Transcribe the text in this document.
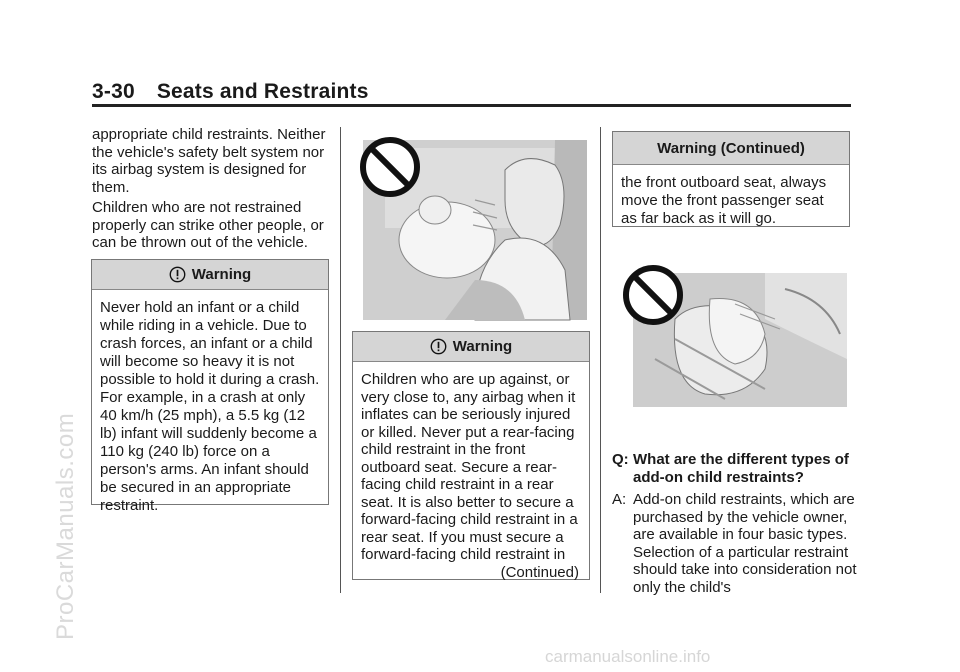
3-30 Seats and Restraints
ProCarManuals.com
carmanualsonline.info
appropriate child restraints. Neither the vehicle's safety belt system nor its airbag system is designed for them.
Children who are not restrained properly can strike other people, or can be thrown out of the vehicle.
Warning
Never hold an infant or a child while riding in a vehicle. Due to crash forces, an infant or a child will become so heavy it is not possible to hold it during a crash. For example, in a crash at only 40 km/h (25 mph), a 5.5 kg (12 lb) infant will suddenly become a 110 kg (240 lb) force on a person's arms. An infant should be secured in an appropriate restraint.
Warning
Children who are up against, or very close to, any airbag when it inflates can be seriously injured or killed. Never put a rear-facing child restraint in the front outboard seat. Secure a rear-facing child restraint in a rear seat. It is also better to secure a forward-facing child restraint in a rear seat. If you must secure a forward-facing child restraint in
(Continued)
Warning (Continued)
the front outboard seat, always move the front passenger seat as far back as it will go.
Q: What are the different types of add-on child restraints?
A: Add-on child restraints, which are purchased by the vehicle owner, are available in four basic types. Selection of a particular restraint should take into consideration not only the child's
